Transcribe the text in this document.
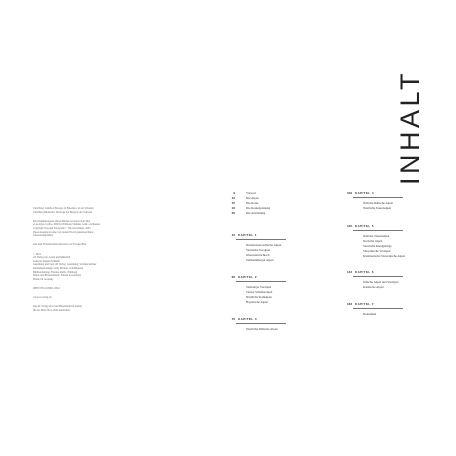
Umschlag: Gianluca Borrego di Emeziero, in der Schweiz;
Umschlag Rückseite: Dorwege der Berge in der Schweiz
Die Originalausgabe dieses Buches ist zuerst dem Titel
»Les Alpes à vélo« 2000 bei Editions Slatkine, Genf, erschienen.
Copyright Text und Fotografie © Nicolas Dubuis, 2005
Diese Ausgabe ist eine von Gianni Portal gekennzeichnete
Übersetzungsfahne
Aus dem Französischen übersetzt von Yvonne Beat
© 2023
AT Verlag AG, Aarau und München
Lektorat: Regina Schmidt
Gestaltung und Satz: AT Verlag, Gestaltung: Stefanie Kellner
Kartenbearbeitung: Gaby Holmes, Schaffhausen
Bildbearbeitung: Thomas Ruffo, Nürnberg
Druck und Bindearbeiten: Printed in Germany
Printed in Germany
ISBN 978-3-03902-199-0
www.at-verlag.ch
Der AT Verlag wird vom Bundesamt für Kultur
für die Jahre 2021–2024 unterstützt.
INHALT
9	Vorwort
10	Die Alpen
15	Die Route
16	Die Routenplanung
20	Die Ausrüstung
42 KAPITEL 1
Niederösterreichische Alpen
Steirische Voralpen
Oberösterreichisch
Salzkammergut Alpen
66 KAPITEL 2
Salzburger Voralpen
Tiroler Schieferalpen
Nördliche Kalkalpen
Bayerische Alpen
76 KAPITEL 3
Westliche Rätische Alpen
109 KAPITEL 4
Östliche Rätische Alpen
Westliche Tauernalpen
125 KAPITEL 5
Östliche Tauernalpen
Norische Alpen
Steirische Randgebirge
Slowenische Voralpen
Kärntnerische Slowenische Alpen
143 KAPITEL 6
Julische Alpen und Voralpen
Karnische Alpen
163 KAPITEL 7
Dolomiten
